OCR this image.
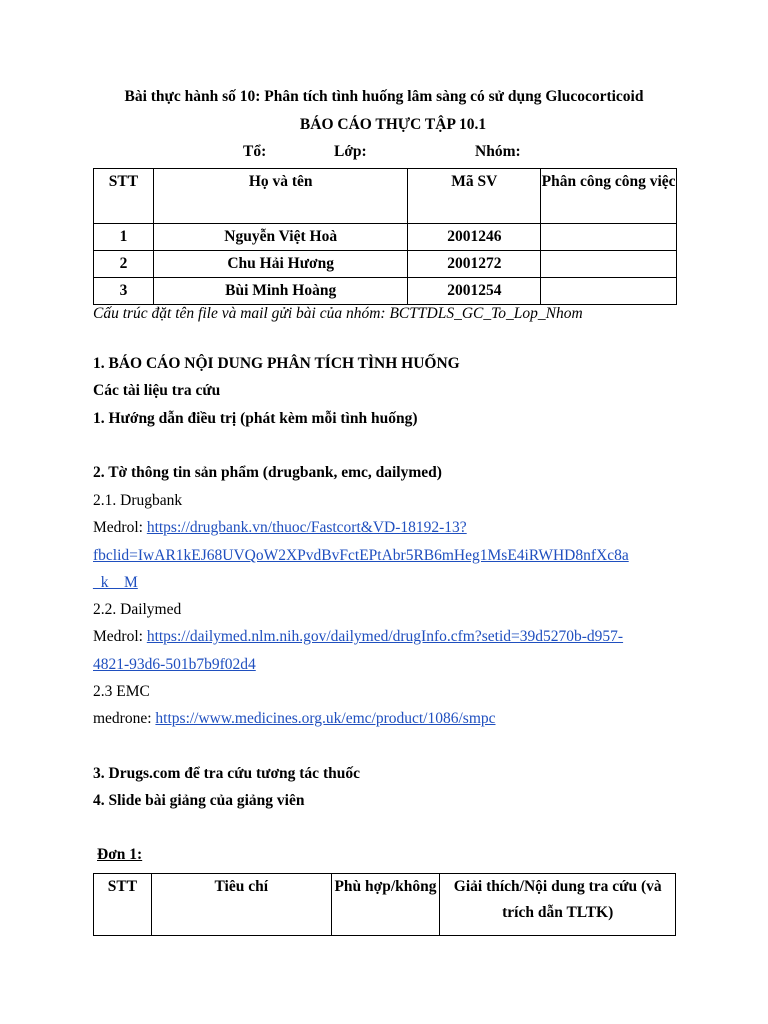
Bài thực hành số 10: Phân tích tình huống lâm sàng có sử dụng Glucocorticoid
BÁO CÁO THỰC TẬP 10.1
Tổ:	Lớp:	Nhóm:
STT	Họ và tên	Mã SV	Phân công công việc
1	Nguyễn Việt Hoà	2001246	
2	Chu Hải Hương	2001272	
3	Bùi Minh Hoàng	2001254	
Cấu trúc đặt tên file và mail gửi bài của nhóm: BCTTDLS_GC_To_Lop_Nhom
1. BÁO CÁO NỘI DUNG PHÂN TÍCH TÌNH HUỐNG
Các tài liệu tra cứu
1. Hướng dẫn điều trị (phát kèm mỗi tình huống)
2. Tờ thông tin sản phẩm (drugbank, emc, dailymed)
2.1. Drugbank
Medrol: https://drugbank.vn/thuoc/Fastcort&VD-18192-13?
fbclid=IwAR1kEJ68UVQoW2XPvdBvFctEPtAbr5RB6mHeg1MsE4iRWHD8nfXc8a
_k__M
2.2. Dailymed
Medrol: https://dailymed.nlm.nih.gov/dailymed/drugInfo.cfm?setid=39d5270b-d957-
4821-93d6-501b7b9f02d4
2.3 EMC
medrone: https://www.medicines.org.uk/emc/product/1086/smpc
3. Drugs.com để tra cứu tương tác thuốc
4. Slide bài giảng của giảng viên
Đơn 1:
STT	Tiêu chí	Phù hợp/không	Giải thích/Nội dung tra cứu (và trích dẫn TLTK)
